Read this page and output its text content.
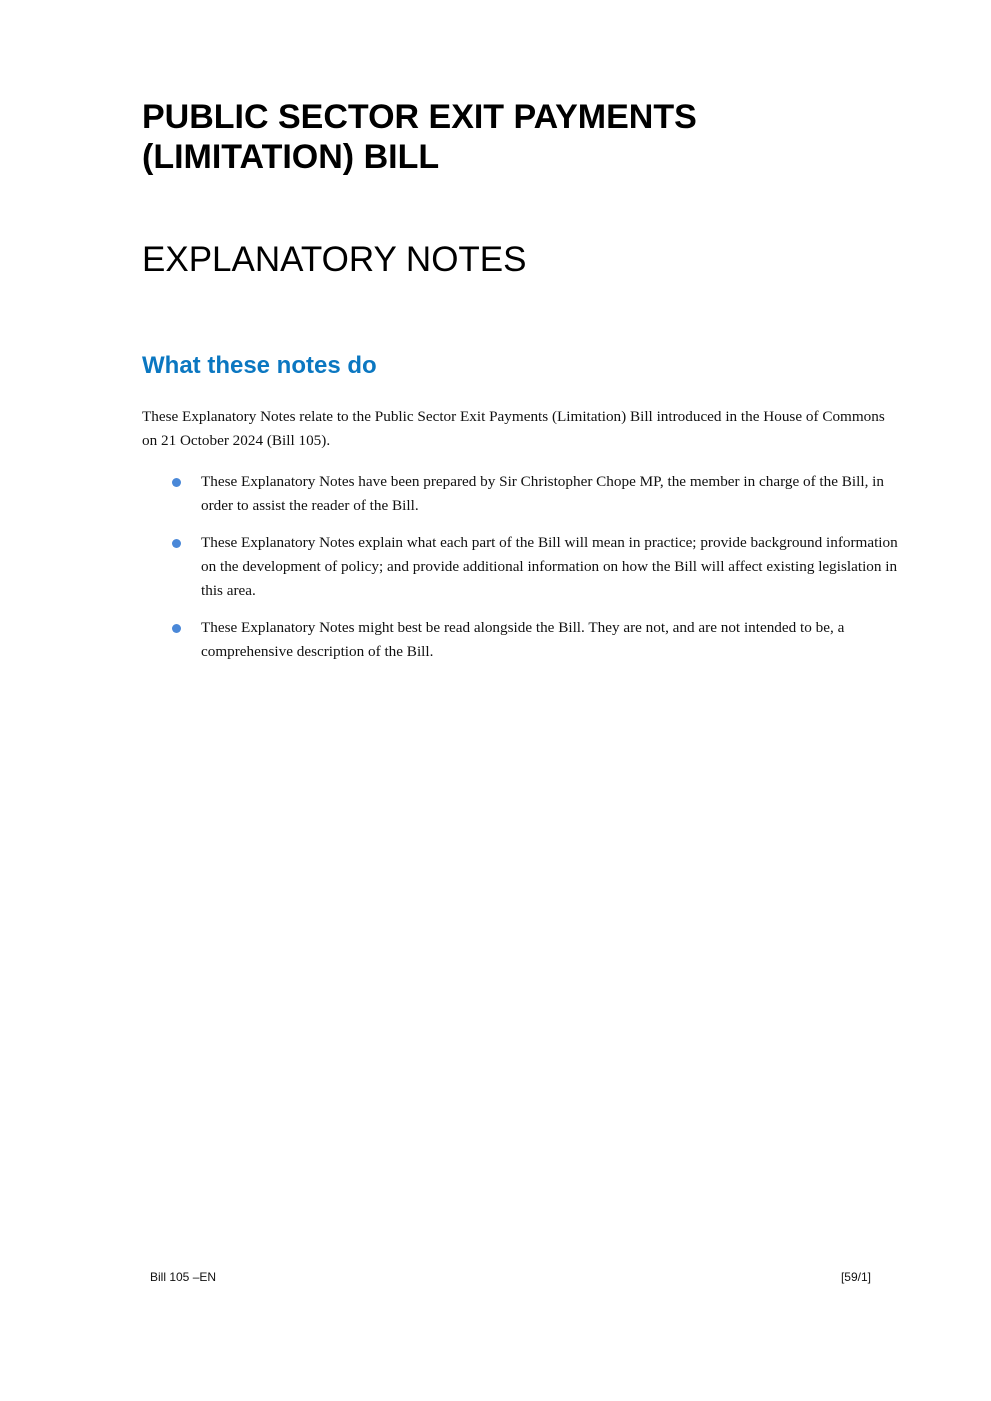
PUBLIC SECTOR EXIT PAYMENTS (LIMITATION) BILL
EXPLANATORY NOTES
What these notes do

These Explanatory Notes relate to the Public Sector Exit Payments (Limitation) Bill introduced in the House of Commons on 21 October 2024 (Bill 105).

These Explanatory Notes have been prepared by Sir Christopher Chope MP, the member in charge of the Bill, in order to assist the reader of the Bill.
These Explanatory Notes explain what each part of the Bill will mean in practice; provide background information on the development of policy; and provide additional information on how the Bill will affect existing legislation in this area.
These Explanatory Notes might best be read alongside the Bill. They are not, and are not intended to be, a comprehensive description of the Bill.
Bill 105 –EN	[59/1]
